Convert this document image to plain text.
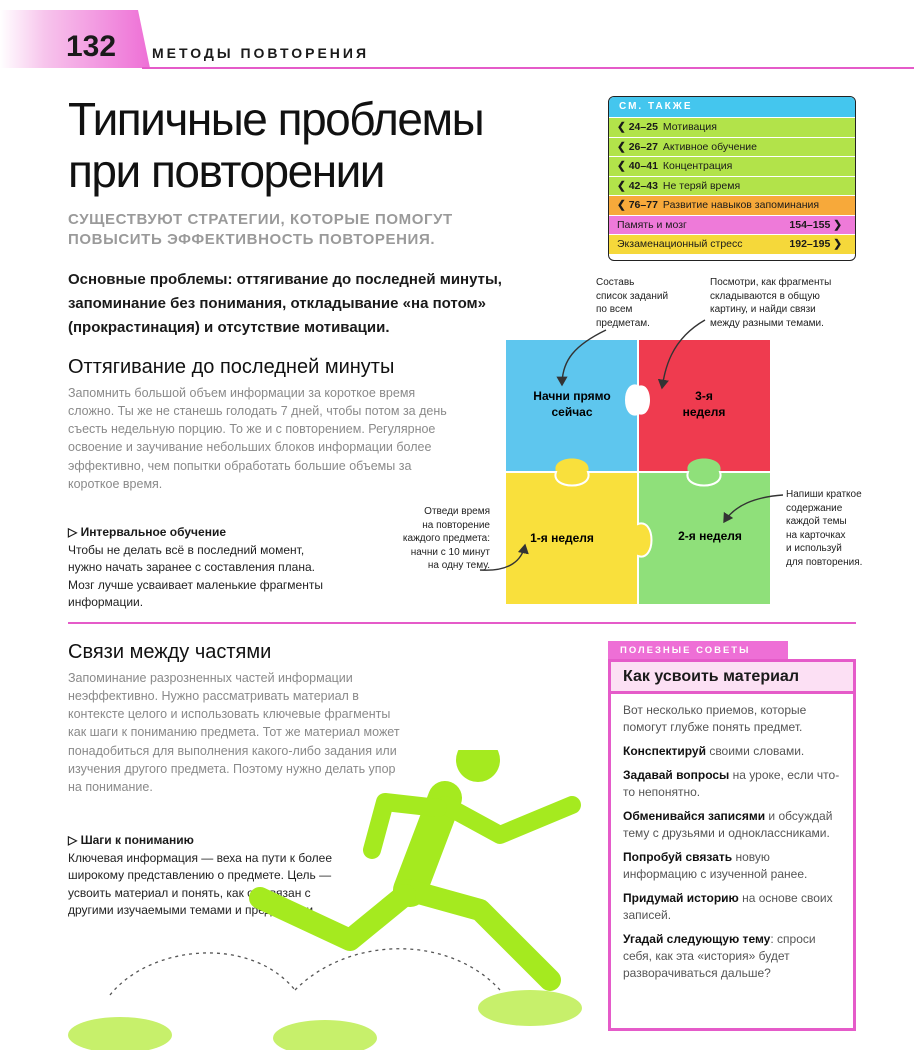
132	МЕТОДЫ ПОВТОРЕНИЯ
Типичные проблемы
при повторении
СУЩЕСТВУЮТ СТРАТЕГИИ, КОТОРЫЕ ПОМОГУТ
ПОВЫСИТЬ ЭФФЕКТИВНОСТЬ ПОВТОРЕНИЯ.
Основные проблемы: оттягивание до последней минуты, запоминание без понимания, откладывание «на потом» (прокрастинация) и отсутствие мотивации.
СМ. ТАКЖЕ
❮ 24–25 Мотивация
❮ 26–27 Активное обучение
❮ 40–41 Концентрация
❮ 42–43 Не теряй время
❮ 76–77 Развитие навыков запоминания
Память и мозг	154–155 ❯
Экзаменационный стресс	192–195 ❯
Оттягивание до последней минуты
Запомнить большой объем информации за короткое время сложно. Ты же не станешь голодать 7 дней, чтобы потом за день съесть недельную порцию. То же и с повторением. Регулярное освоение и заучивание небольших блоков информации более эффективно, чем попытки обработать большие объемы за короткое время.
▷ Интервальное обучение
Чтобы не делать всё в последний момент, нужно начать заранее с составления плана. Мозг лучше усваивает маленькие фрагменты информации.
Начни прямо
сейчас
3-я
неделя
1-я неделя	2-я неделя
Составь
список заданий
по всем
предметам.
Посмотри, как фрагменты
складываются в общую
картину, и найди связи
между разными темами.
Отведи время
на повторение
каждого предмета:
начни с 10 минут
на одну тему.
Напиши краткое
содержание
каждой темы
на карточках
и используй
для повторения.
Связи между частями
Запоминание разрозненных частей информации неэффективно. Нужно рассматривать материал в контексте целого и использовать ключевые фрагменты как шаги к пониманию предмета. Тот же материал может понадобиться для выполнения какого-либо задания или изучения другого предмета. Поэтому нужно делать упор на понимание.
▷ Шаги к пониманию
Ключевая информация — веха на пути к более широкому представлению о предмете. Цель — усвоить материал и понять, как он связан с другими изучаемыми темами и предметами.
ПОЛЕЗНЫЕ СОВЕТЫ
Как усвоить материал

Вот несколько приемов, которые помогут глубже понять предмет.

Конспектируй своими словами.

Задавай вопросы на уроке, если что-то непонятно.

Обменивайся записями и обсуждай тему с друзьями и одноклассниками.

Попробуй связать новую информацию с изученной ранее.

Придумай историю на основе своих записей.

Угадай следующую тему: спроси себя, как эта «история» будет разворачиваться дальше?
